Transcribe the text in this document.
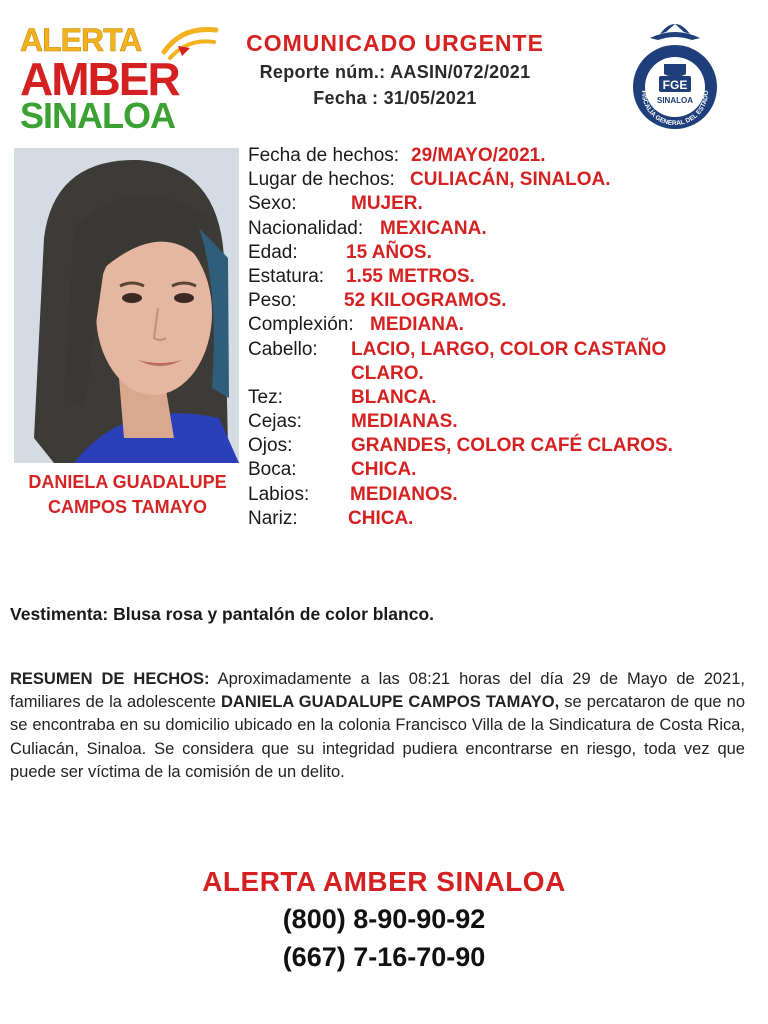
ALERTA
AMBER
SINALOA
COMUNICADO URGENTE
Reporte núm.: AASIN/072/2021
Fecha : 31/05/2021
FGE
SINALOA
FISCALÍA GENERAL DEL ESTADO
DANIELA GUADALUPE
CAMPOS TAMAYO
Fecha de hechos: 29/MAYO/2021.
Lugar de hechos: CULIACÁN, SINALOA.
Sexo:	MUJER.
Nacionalidad: MEXICANA.
Edad:	15 AÑOS.
Estatura: 1.55 METROS.
Peso: 52 KILOGRAMOS.
Complexión: MEDIANA.
Cabello: LACIO, LARGO, COLOR CASTAÑO
CLARO.
Tez:	BLANCA.
Cejas:	MEDIANAS.
Ojos:	GRANDES, COLOR CAFÉ CLAROS.
Boca:	CHICA.
Labios: MEDIANOS.
Nariz:	CHICA.
Vestimenta: Blusa rosa y pantalón de color blanco.
RESUMEN DE HECHOS: Aproximadamente a las 08:21 horas del día 29 de Mayo de 2021, familiares de la adolescente DANIELA GUADALUPE CAMPOS TAMAYO, se percataron de que no se encontraba en su domicilio ubicado en la colonia Francisco Villa de la Sindicatura de Costa Rica, Culiacán, Sinaloa. Se considera que su integridad pudiera encontrarse en riesgo, toda vez que puede ser víctima de la comisión de un delito.
ALERTA AMBER SINALOA
(800) 8-90-90-92
(667) 7-16-70-90
